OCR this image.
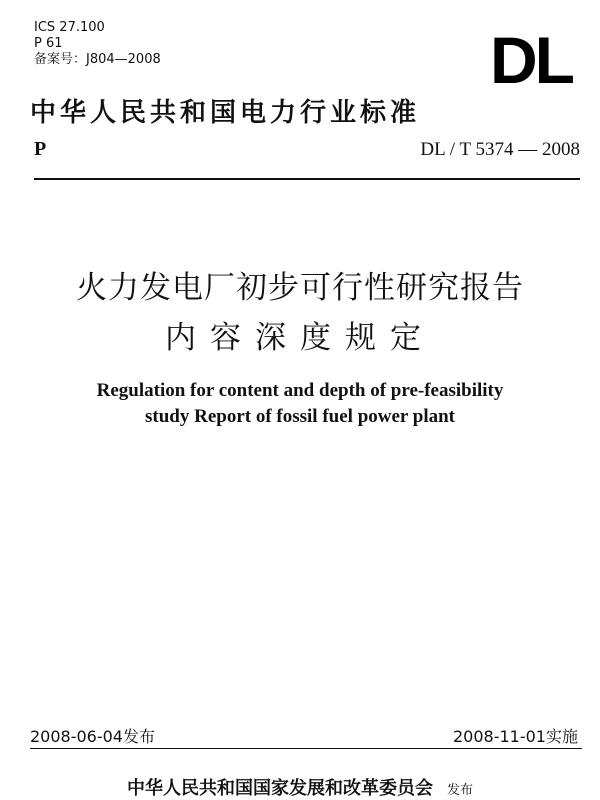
ICS 27.100
P 61
备案号：J804—2008	DL
中华人民共和国电力行业标准
P	DL / T 5374 — 2008
火力发电厂初步可行性研究报告
内容深度规定
Regulation for content and depth of pre-feasibility
study Report of fossil fuel power plant
2008-06-04发布	2008-11-01实施
中华人民共和国国家发展和改革委员会 发布
